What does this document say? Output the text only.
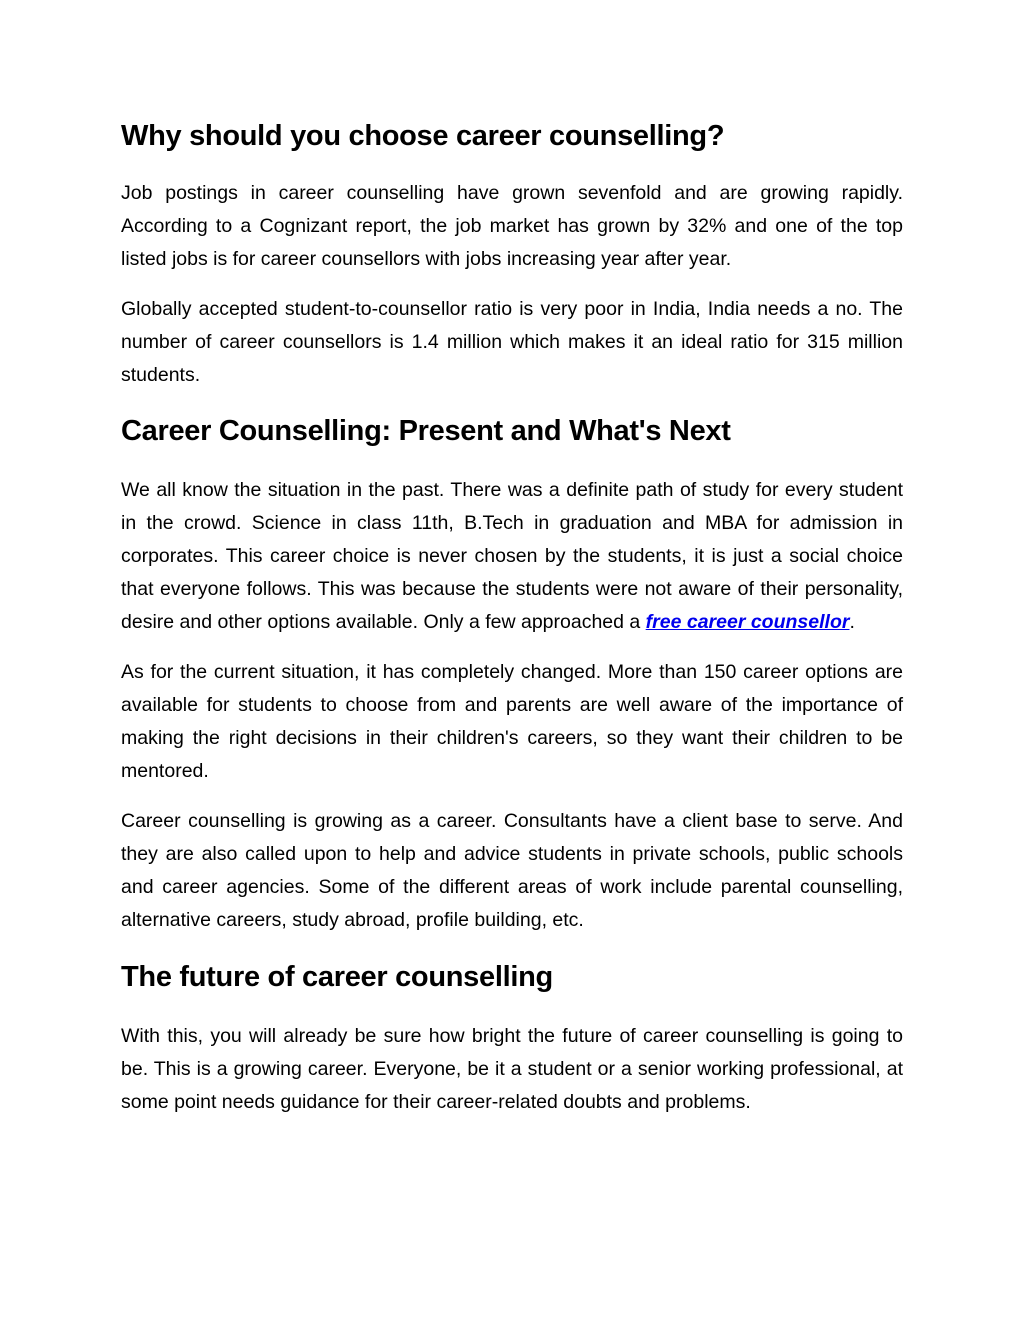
Why should you choose career counselling?

Job postings in career counselling have grown sevenfold and are growing rapidly. According to a Cognizant report, the job market has grown by 32% and one of the top listed jobs is for career counsellors with jobs increasing year after year.

Globally accepted student-to-counsellor ratio is very poor in India, India needs a no. The number of career counsellors is 1.4 million which makes it an ideal ratio for 315 million students.

Career Counselling: Present and What's Next

We all know the situation in the past. There was a definite path of study for every student in the crowd. Science in class 11th, B.Tech in graduation and MBA for admission in corporates. This career choice is never chosen by the students, it is just a social choice that everyone follows. This was because the students were not aware of their personality, desire and other options available. Only a few approached a free career counsellor.

As for the current situation, it has completely changed. More than 150 career options are available for students to choose from and parents are well aware of the importance of making the right decisions in their children's careers, so they want their children to be mentored.

Career counselling is growing as a career. Consultants have a client base to serve. And they are also called upon to help and advice students in private schools, public schools and career agencies. Some of the different areas of work include parental counselling, alternative careers, study abroad, profile building, etc.

The future of career counselling

With this, you will already be sure how bright the future of career counselling is going to be. This is a growing career. Everyone, be it a student or a senior working professional, at some point needs guidance for their career-related doubts and problems.
